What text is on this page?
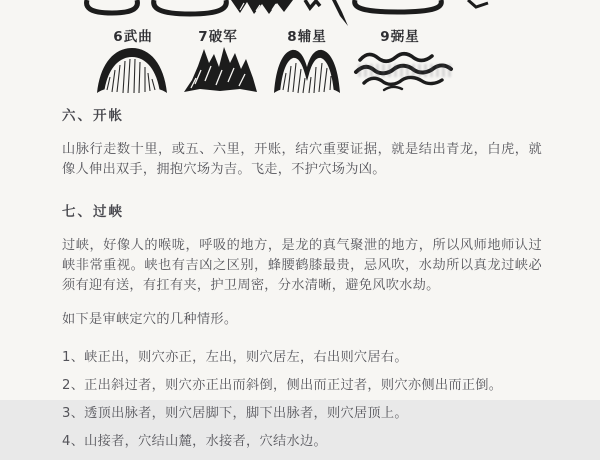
6武曲	7破军	8辅星	9弼星
六、开帐

山脉行走数十里，或五、六里，开账，结穴重要证据，就是结出青龙，白虎，就像人伸出双手，拥抱穴场为吉。飞走，不护穴场为凶。

七、过峡

过峡，好像人的喉咙，呼吸的地方，是龙的真气聚泄的地方，所以风师地师认过峡非常重视。峡也有吉凶之区别，蜂腰鹤膝最贵，忌风吹，水劫所以真龙过峡必须有迎有送，有扛有夹，护卫周密，分水清晰，避免风吹水劫。

如下是审峡定穴的几种情形。

1、峡正出，则穴亦正，左出，则穴居左，右出则穴居右。

2、正出斜过者，则穴亦正出而斜倒，侧出而正过者，则穴亦侧出而正倒。

3、透顶出脉者，则穴居脚下，脚下出脉者，则穴居顶上。

4、山接者，穴结山麓，水接者，穴结水边。
